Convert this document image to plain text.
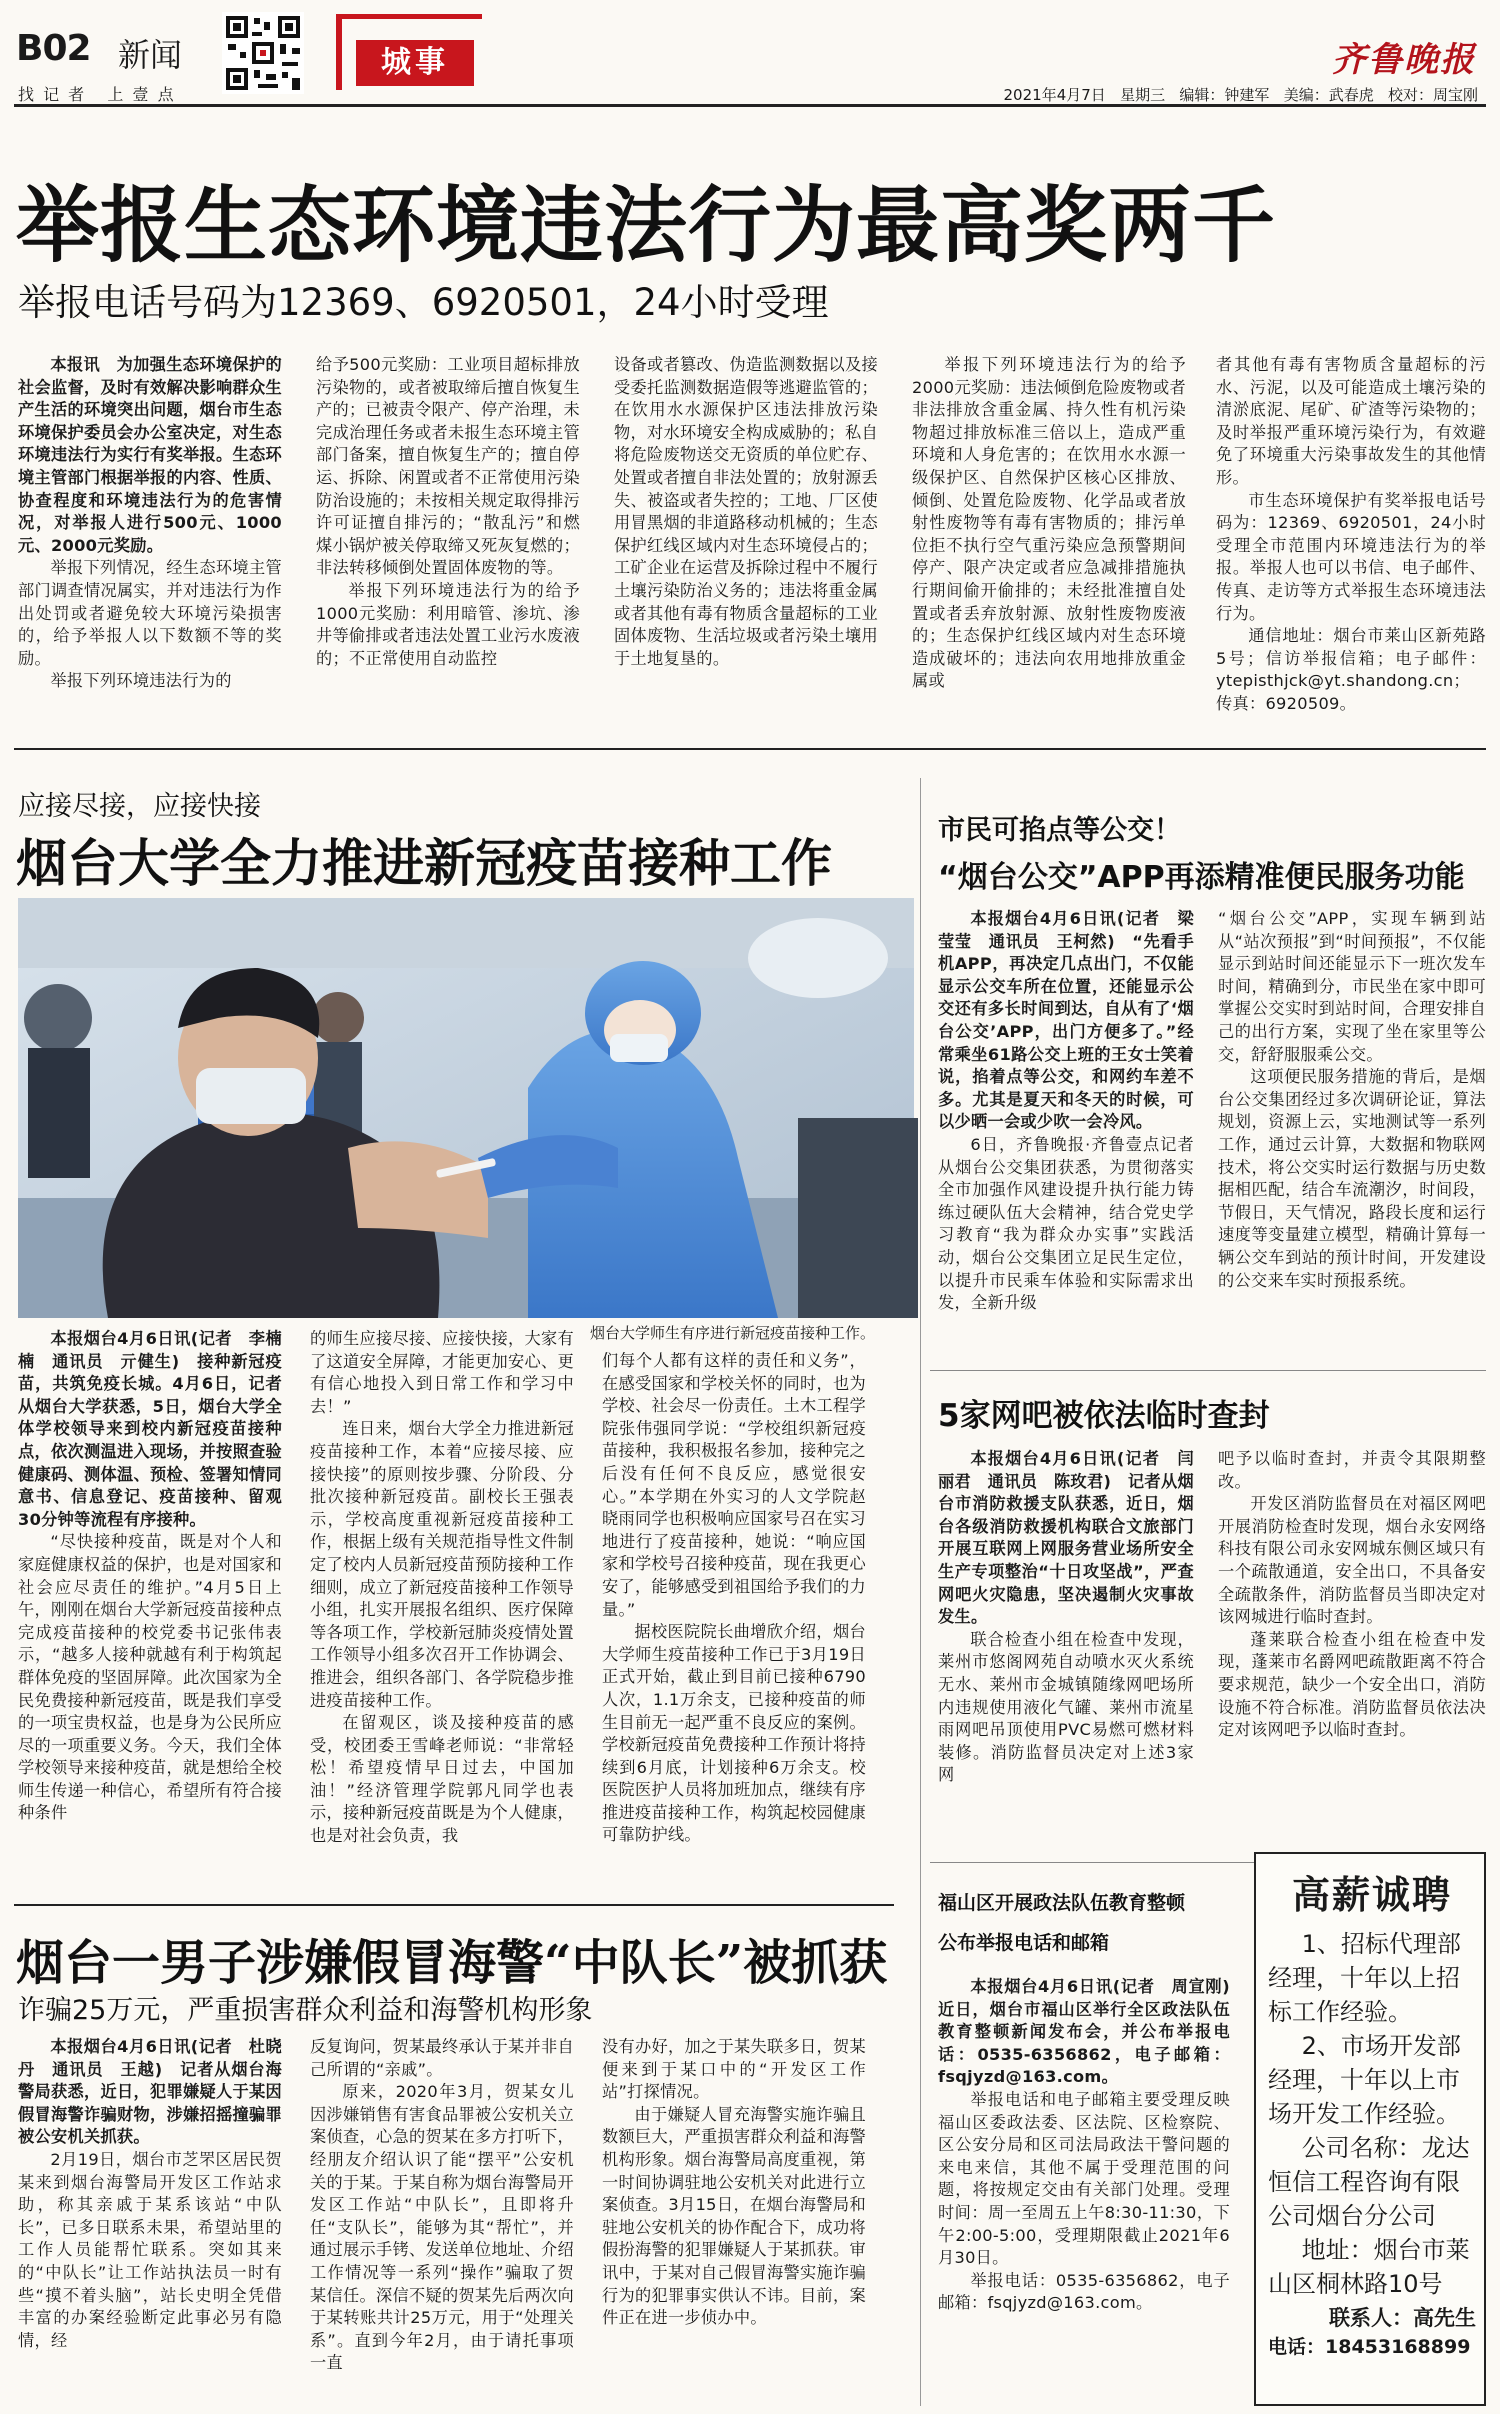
B02 新闻
找 记 者   上 壹 点
城事	齐鲁晚报
2021年4月7日   星期三   编辑：钟建军   美编：武春虎   校对：周宝刚
举报生态环境违法行为最高奖两千
举报电话号码为12369、6920501，24小时受理

本报讯　为加强生态环境保护的社会监督，及时有效解决影响群众生产生活的环境突出问题，烟台市生态环境保护委员会办公室决定，对生态环境违法行为实行有奖举报。生态环境主管部门根据举报的内容、性质、协查程度和环境违法行为的危害情况，对举报人进行500元、1000元、2000元奖励。

举报下列情况，经生态环境主管部门调查情况属实，并对违法行为作出处罚或者避免较大环境污染损害的，给予举报人以下数额不等的奖励。

举报下列环境违法行为的

给予500元奖励：工业项目超标排放污染物的，或者被取缔后擅自恢复生产的；已被责令限产、停产治理，未完成治理任务或者未报生态环境主管部门备案，擅自恢复生产的；擅自停运、拆除、闲置或者不正常使用污染防治设施的；未按相关规定取得排污许可证擅自排污的；“散乱污”和燃煤小锅炉被关停取缔又死灰复燃的；非法转移倾倒处置固体废物的等。

举报下列环境违法行为的给予1000元奖励：利用暗管、渗坑、渗井等偷排或者违法处置工业污水废液的；不正常使用自动监控

设备或者篡改、伪造监测数据以及接受委托监测数据造假等逃避监管的；在饮用水水源保护区违法排放污染物，对水环境安全构成威胁的；私自将危险废物送交无资质的单位贮存、处置或者擅自非法处置的；放射源丢失、被盗或者失控的；工地、厂区使用冒黑烟的非道路移动机械的；生态保护红线区域内对生态环境侵占的；工矿企业在运营及拆除过程中不履行土壤污染防治义务的；违法将重金属或者其他有毒有物质含量超标的工业固体废物、生活垃圾或者污染土壤用于土地复垦的。

举报下列环境违法行为的给予2000元奖励：违法倾倒危险废物或者非法排放含重金属、持久性有机污染物超过排放标准三倍以上，造成严重环境和人身危害的；在饮用水水源一级保护区、自然保护区核心区排放、倾倒、处置危险废物、化学品或者放射性废物等有毒有害物质的；排污单位拒不执行空气重污染应急预警期间停产、限产决定或者应急减排措施执行期间偷开偷排的；未经批准擅自处置或者丢弃放射源、放射性废物废液的；生态保护红线区域内对生态环境造成破坏的；违法向农用地排放重金属或

者其他有毒有害物质含量超标的污水、污泥，以及可能造成土壤污染的清淤底泥、尾矿、矿渣等污染物的；及时举报严重环境污染行为，有效避免了环境重大污染事故发生的其他情形。

市生态环境保护有奖举报电话号码为：12369、6920501，24小时受理全市范围内环境违法行为的举报。举报人也可以书信、电子邮件、传真、走访等方式举报生态环境违法行为。

通信地址：烟台市莱山区新苑路5号；信访举报信箱；电子邮件：ytepisthjck@yt.shandong.cn；传真：6920509。

应接尽接，应接快接
烟台大学全力推进新冠疫苗接种工作
烟台大学师生有序进行新冠疫苗接种工作。

本报烟台4月6日讯(记者　李楠楠　通讯员　亓健生)　接种新冠疫苗，共筑免疫长城。4月6日，记者从烟台大学获悉，5日，烟台大学全体学校领导来到校内新冠疫苗接种点，依次测温进入现场，并按照查验健康码、测体温、预检、签署知情同意书、信息登记、疫苗接种、留观30分钟等流程有序接种。

“尽快接种疫苗，既是对个人和家庭健康权益的保护，也是对国家和社会应尽责任的维护。”4月5日上午，刚刚在烟台大学新冠疫苗接种点完成疫苗接种的校党委书记张伟表示，“越多人接种就越有利于构筑起群体免疫的坚固屏障。此次国家为全民免费接种新冠疫苗，既是我们享受的一项宝贵权益，也是身为公民所应尽的一项重要义务。今天，我们全体学校领导来接种疫苗，就是想给全校师生传递一种信心，希望所有符合接种条件

的师生应接尽接、应接快接，大家有了这道安全屏障，才能更加安心、更有信心地投入到日常工作和学习中去！”

连日来，烟台大学全力推进新冠疫苗接种工作，本着“应接尽接、应接快接”的原则按步骤、分阶段、分批次接种新冠疫苗。副校长王强表示，学校高度重视新冠疫苗接种工作，根据上级有关规范指导性文件制定了校内人员新冠疫苗预防接种工作细则，成立了新冠疫苗接种工作领导小组，扎实开展报名组织、医疗保障等各项工作，学校新冠肺炎疫情处置工作领导小组多次召开工作协调会、推进会，组织各部门、各学院稳步推进疫苗接种工作。

在留观区，谈及接种疫苗的感受，校团委王雪峰老师说：“非常轻松！希望疫情早日过去，中国加油！”经济管理学院郭凡同学也表示，接种新冠疫苗既是为个人健康，也是对社会负责，我

们每个人都有这样的责任和义务”，在感受国家和学校关怀的同时，也为学校、社会尽一份责任。土木工程学院张伟强同学说：“学校组织新冠疫苗接种，我积极报名参加，接种完之后没有任何不良反应，感觉很安心。”本学期在外实习的人文学院赵晓雨同学也积极响应国家号召在实习地进行了疫苗接种，她说：“响应国家和学校号召接种疫苗，现在我更心安了，能够感受到祖国给予我们的力量。”

据校医院院长曲增欣介绍，烟台大学师生疫苗接种工作已于3月19日正式开始，截止到目前已接种6790人次，1.1万余支，已接种疫苗的师生目前无一起严重不良反应的案例。学校新冠疫苗免费接种工作预计将持续到6月底，计划接种6万余支。校医院医护人员将加班加点，继续有序推进疫苗接种工作，构筑起校园健康可靠防护线。

烟台一男子涉嫌假冒海警“中队长”被抓获
诈骗25万元，严重损害群众利益和海警机构形象

本报烟台4月6日讯(记者　杜晓丹　通讯员　王越)　记者从烟台海警局获悉，近日，犯罪嫌疑人于某因假冒海警诈骗财物，涉嫌招摇撞骗罪被公安机关抓获。

2月19日，烟台市芝罘区居民贺某来到烟台海警局开发区工作站求助，称其亲戚于某系该站“中队长”，已多日联系未果，希望站里的工作人员能帮忙联系。突如其来的“中队长”让工作站执法员一时有些“摸不着头脑”，站长史明全凭借丰富的办案经验断定此事必另有隐情，经

反复询问，贺某最终承认于某并非自己所谓的“亲戚”。

原来，2020年3月，贺某女儿因涉嫌销售有害食品罪被公安机关立案侦查，心急的贺某在多方打听下，经朋友介绍认识了能“摆平”公安机关的于某。于某自称为烟台海警局开发区工作站“中队长”，且即将升任“支队长”，能够为其“帮忙”，并通过展示手铐、发送单位地址、介绍工作情况等一系列“操作”骗取了贺某信任。深信不疑的贺某先后两次向于某转账共计25万元，用于“处理关系”。直到今年2月，由于请托事项一直

没有办好，加之于某失联多日，贺某便来到于某口中的“开发区工作站”打探情况。

由于嫌疑人冒充海警实施诈骗且数额巨大，严重损害群众利益和海警机构形象。烟台海警局高度重视，第一时间协调驻地公安机关对此进行立案侦查。3月15日，在烟台海警局和驻地公安机关的协作配合下，成功将假扮海警的犯罪嫌疑人于某抓获。审讯中，于某对自己假冒海警实施诈骗行为的犯罪事实供认不讳。目前，案件正在进一步侦办中。

市民可掐点等公交！
“烟台公交”APP再添精准便民服务功能

本报烟台4月6日讯(记者　梁莹莹　通讯员　王柯然)　“先看手机APP，再决定几点出门，不仅能显示公交车所在位置，还能显示公交还有多长时间到达，自从有了‘烟台公交’APP，出门方便多了。”经常乘坐61路公交上班的王女士笑着说，掐着点等公交，和网约车差不多。尤其是夏天和冬天的时候，可以少晒一会或少吹一会冷风。

6日，齐鲁晚报·齐鲁壹点记者从烟台公交集团获悉，为贯彻落实全市加强作风建设提升执行能力铸练过硬队伍大会精神，结合党史学习教育“我为群众办实事”实践活动，烟台公交集团立足民生定位，以提升市民乘车体验和实际需求出发，全新升级

“烟台公交”APP，实现车辆到站从“站次预报”到“时间预报”，不仅能显示到站时间还能显示下一班次发车时间，精确到分，市民坐在家中即可掌握公交实时到站时间，合理安排自己的出行方案，实现了坐在家里等公交，舒舒服服乘公交。

这项便民服务措施的背后，是烟台公交集团经过多次调研论证，算法规划，资源上云，实地测试等一系列工作，通过云计算，大数据和物联网技术，将公交实时运行数据与历史数据相匹配，结合车流潮汐，时间段，节假日，天气情况，路段长度和运行速度等变量建立模型，精确计算每一辆公交车到站的预计时间，开发建设的公交来车实时预报系统。

5家网吧被依法临时查封

本报烟台4月6日讯(记者　闫丽君　通讯员　陈玫君)　记者从烟台市消防救援支队获悉，近日，烟台各级消防救援机构联合文旅部门开展互联网上网服务营业场所安全生产专项整治“十日攻坚战”，严查网吧火灾隐患，坚决遏制火灾事故发生。

联合检查小组在检查中发现，莱州市悠阁网苑自动喷水灭火系统无水、莱州市金城镇随缘网吧场所内违规使用液化气罐、莱州市流星雨网吧吊顶使用PVC易燃可燃材料装修。消防监督员决定对上述3家网

吧予以临时查封，并责令其限期整改。

开发区消防监督员在对福区网吧开展消防检查时发现，烟台永安网络科技有限公司永安网城东侧区域只有一个疏散通道，安全出口，不具备安全疏散条件，消防监督员当即决定对该网城进行临时查封。

蓬莱联合检查小组在检查中发现，蓬莱市名爵网吧疏散距离不符合要求规范，缺少一个安全出口，消防设施不符合标准。消防监督员依法决定对该网吧予以临时查封。

福山区开展政法队伍教育整顿
公布举报电话和邮箱

本报烟台4月6日讯(记者　周宣刚)　近日，烟台市福山区举行全区政法队伍教育整顿新闻发布会，并公布举报电话：0535-6356862，电子邮箱：fsqjyzd@163.com。

举报电话和电子邮箱主要受理反映福山区委政法委、区法院、区检察院、区公安分局和区司法局政法干警问题的来电来信，其他不属于受理范围的问题，将按规定交由有关部门处理。受理时间：周一至周五上午8:30-11:30，下午2:00-5:00，受理期限截止2021年6月30日。

举报电话：0535-6356862，电子邮箱：fsqjyzd@163.com。

高薪诚聘
1、招标代理部经理，十年以上招标工作经验。
2、市场开发部经理，十年以上市场开发工作经验。
公司名称：龙达恒信工程咨询有限公司烟台分公司
地址：烟台市莱山区桐林路10号
联系人：高先生
电话：18453168899
